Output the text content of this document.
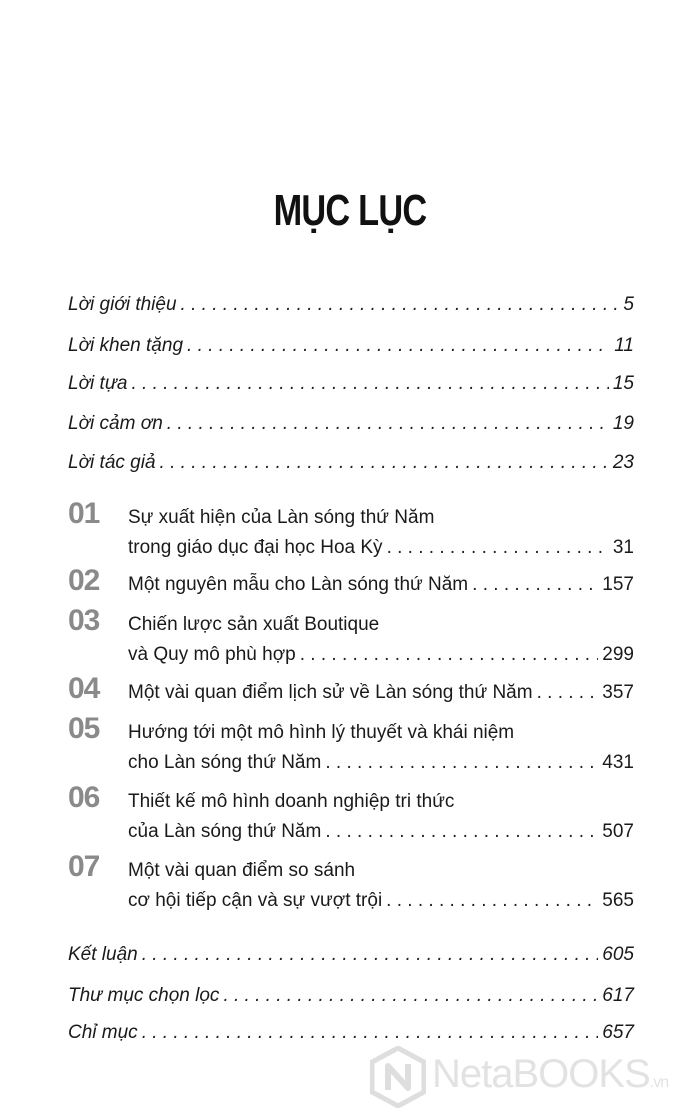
MỤC LỤC
Lời giới thiệu . . .	5
Lời khen tặng . . .	11
Lời tựa . . .	15
Lời cảm ơn . . .	19
Lời tác giả . . .	23
01 Sự xuất hiện của Làn sóng thứ Năm
trong giáo dục đại học Hoa Kỳ . . .	31
02 Một nguyên mẫu cho Làn sóng thứ Năm . . .	157
03 Chiến lược sản xuất Boutique
và Quy mô phù hợp . . .	299
04 Một vài quan điểm lịch sử về Làn sóng thứ Năm . . .	357
05 Hướng tới một mô hình lý thuyết và khái niệm
cho Làn sóng thứ Năm . . .	431
06 Thiết kế mô hình doanh nghiệp tri thức
của Làn sóng thứ Năm . . .	507
07 Một vài quan điểm so sánh
cơ hội tiếp cận và sự vượt trội . . .	565
Kết luận . . .	605
Thư mục chọn lọc . . .	617
Chỉ mục . . .	657
NetaBOOKS.vn
